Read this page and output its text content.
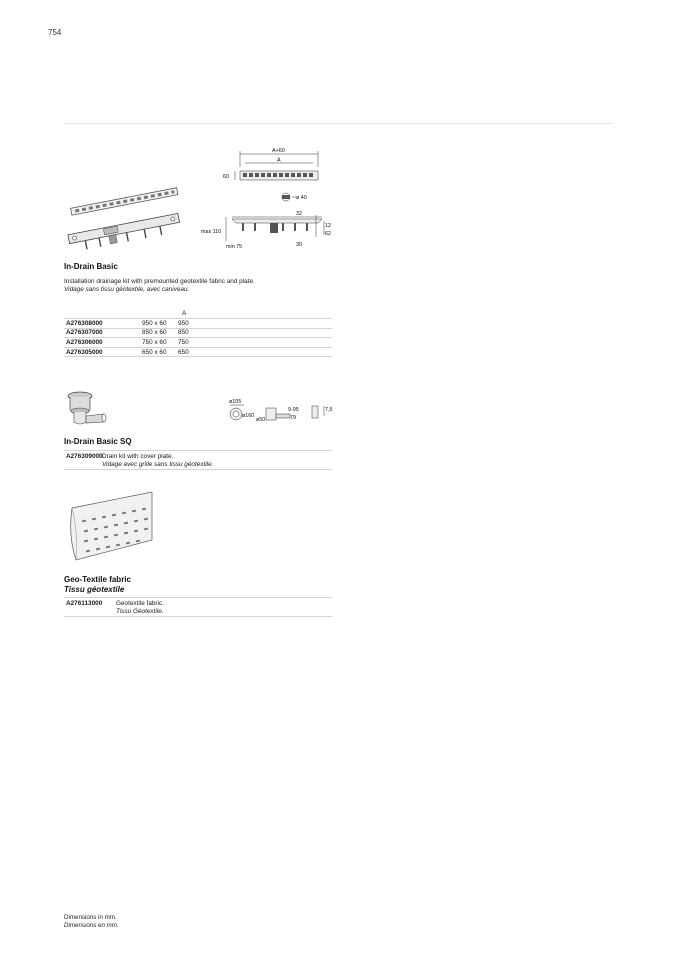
754
A+60
A
60
ø 40
32
12
62
max 110
min 75	30
In-Drain Basic
Installation drainage kit with premounted geotextile fabric and plate.
Vidage sans tissu géotextile, avec caniveau.
		A
A276308000	950 x 60	950
A276307000	850 x 60	850
A276306000	750 x 60	750
A276305000	650 x 60	650
ø105
ø160
ø50
9-95
79
7,5
In-Drain Basic SQ
A276309000 Drain kit with cover plate.
Vidage avec grille sans tissu géotextile.
Geo-Textile fabric
Tissu géotextile
A276113000 Geotextile fabric.
Tissu Géotextile.
Dimensions in mm.
Dimensions en mm.
